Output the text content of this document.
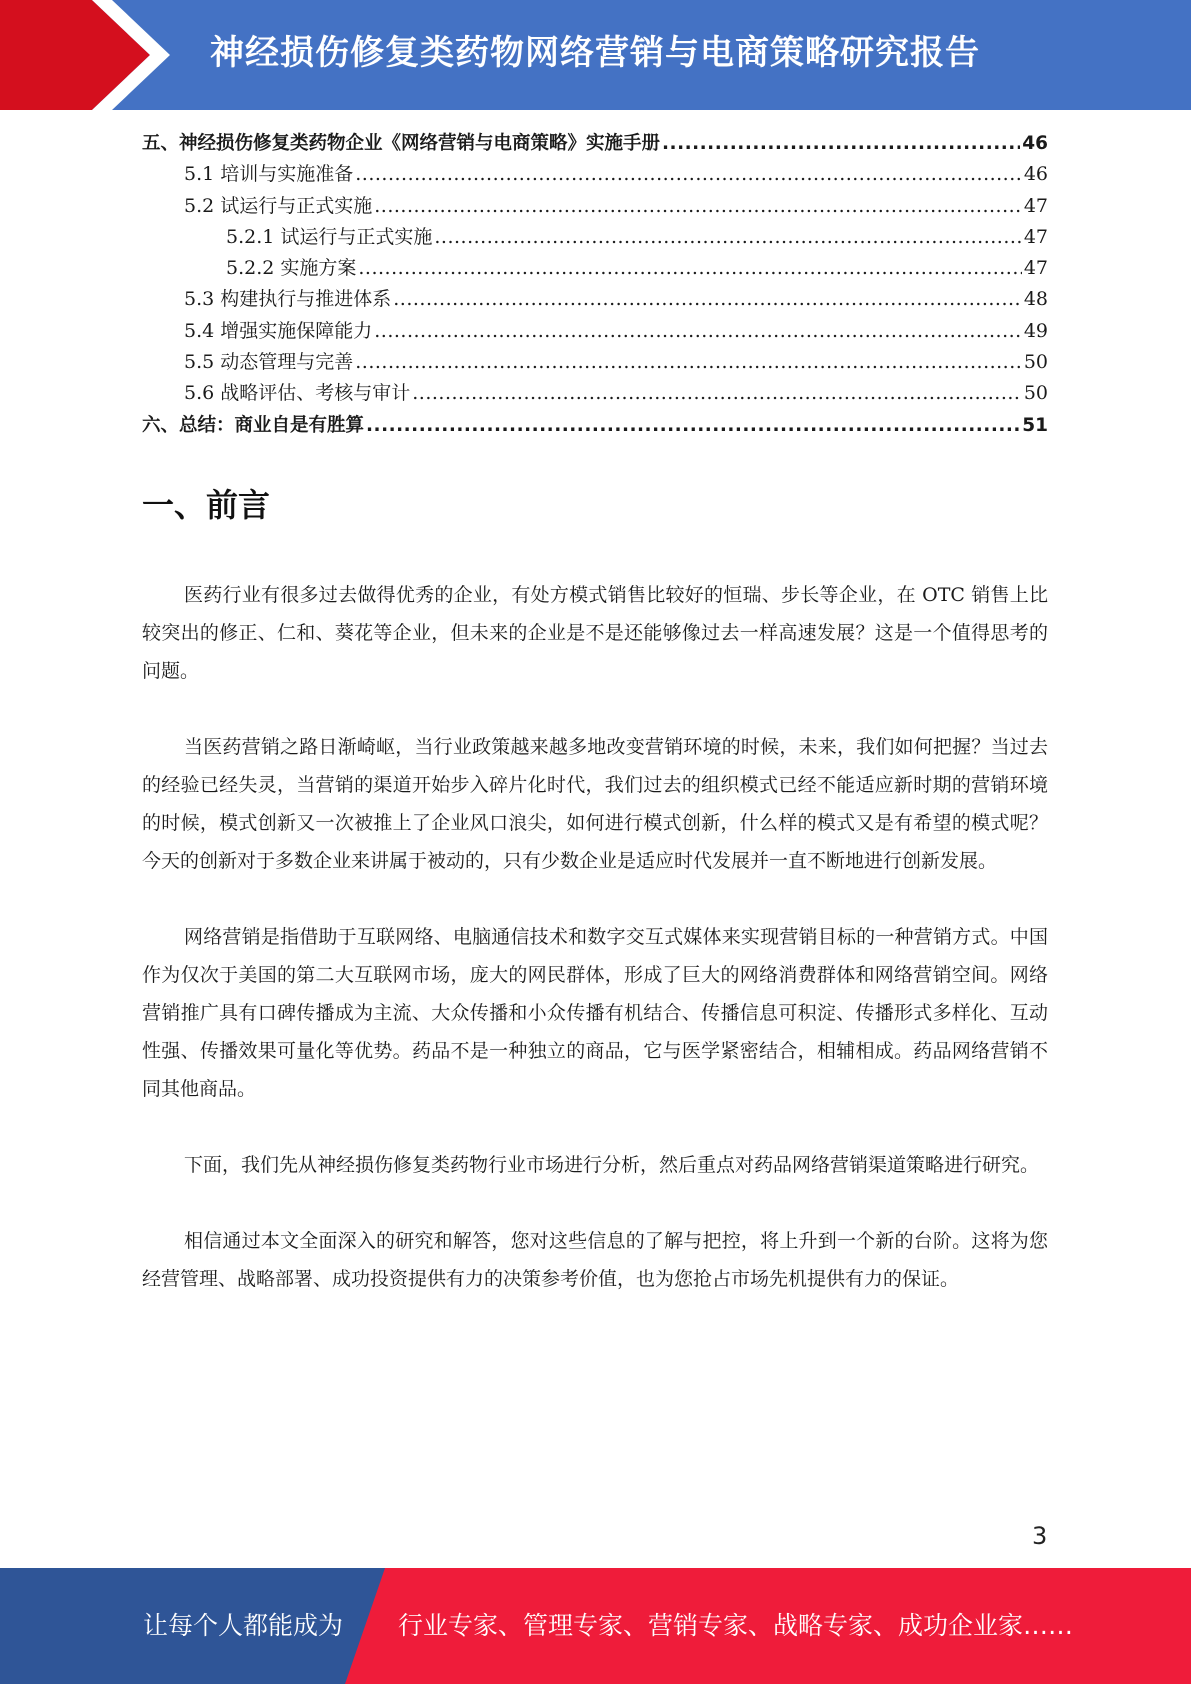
神经损伤修复类药物网络营销与电商策略研究报告
五、神经损伤修复类药物企业《网络营销与电商策略》实施手册 .....	46
5.1 培训与实施准备 .....	46
5.2 试运行与正式实施 .....	47
5.2.1 试运行与正式实施 .....	47
5.2.2 实施方案 .....	47
5.3 构建执行与推进体系 .....	48
5.4 增强实施保障能力 .....	49
5.5 动态管理与完善 .....	50
5.6 战略评估、考核与审计 .....	50
六、总结：商业自是有胜算 .....	51
一、前言

医药行业有很多过去做得优秀的企业，有处方模式销售比较好的恒瑞、步长等企业，在 OTC 销售上比较突出的修正、仁和、葵花等企业，但未来的企业是不是还能够像过去一样高速发展？这是一个值得思考的问题。

当医药营销之路日渐崎岖，当行业政策越来越多地改变营销环境的时候，未来，我们如何把握？当过去的经验已经失灵，当营销的渠道开始步入碎片化时代，我们过去的组织模式已经不能适应新时期的营销环境的时候，模式创新又一次被推上了企业风口浪尖，如何进行模式创新，什么样的模式又是有希望的模式呢？今天的创新对于多数企业来讲属于被动的，只有少数企业是适应时代发展并一直不断地进行创新发展。

网络营销是指借助于互联网络、电脑通信技术和数字交互式媒体来实现营销目标的一种营销方式。中国作为仅次于美国的第二大互联网市场，庞大的网民群体，形成了巨大的网络消费群体和网络营销空间。网络营销推广具有口碑传播成为主流、大众传播和小众传播有机结合、传播信息可积淀、传播形式多样化、互动性强、传播效果可量化等优势。药品不是一种独立的商品，它与医学紧密结合，相辅相成。药品网络营销不同其他商品。

下面，我们先从神经损伤修复类药物行业市场进行分析，然后重点对药品网络营销渠道策略进行研究。

相信通过本文全面深入的研究和解答，您对这些信息的了解与把控，将上升到一个新的台阶。这将为您经营管理、战略部署、成功投资提供有力的决策参考价值，也为您抢占市场先机提供有力的保证。

3
让每个人都能成为 行业专家、管理专家、营销专家、战略专家、成功企业家……
